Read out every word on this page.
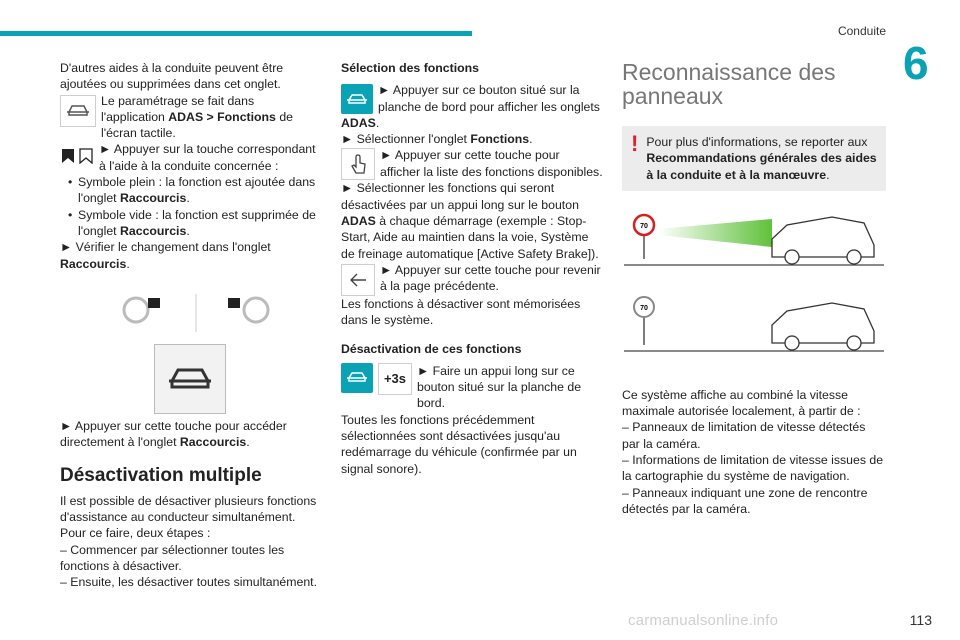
Conduite
6

D'autres aides à la conduite peuvent être ajoutées ou supprimées dans cet onglet.

Le paramétrage se fait dans l'application ADAS > Fonctions de l'écran tactile.

► Appuyer sur la touche correspondant à l'aide à la conduite concernée :

• Symbole plein : la fonction est ajoutée dans l'onglet Raccourcis.
• Symbole vide : la fonction est supprimée de l'onglet Raccourcis.

► Vérifier le changement dans l'onglet Raccourcis.

► Appuyer sur cette touche pour accéder directement à l'onglet Raccourcis.

Désactivation multiple

Il est possible de désactiver plusieurs fonctions d'assistance au conducteur simultanément.

Pour ce faire, deux étapes :

– Commencer par sélectionner toutes les fonctions à désactiver.

– Ensuite, les désactiver toutes simultanément.

Sélection des fonctions

► Appuyer sur ce bouton situé sur la planche de bord pour afficher les onglets

ADAS.

► Sélectionner l'onglet Fonctions.

► Appuyer sur cette touche pour afficher la liste des fonctions disponibles.

► Sélectionner les fonctions qui seront désactivées par un appui long sur le bouton ADAS à chaque démarrage (exemple : Stop-Start, Aide au maintien dans la voie, Système de freinage automatique [Active Safety Brake]).

► Appuyer sur cette touche pour revenir à la page précédente.

Les fonctions à désactiver sont mémorisées dans le système.

Désactivation de ces fonctions
+3s ► Faire un appui long sur ce bouton situé sur la planche de bord.

Toutes les fonctions précédemment sélectionnées sont désactivées jusqu'au redémarrage du véhicule (confirmée par un signal sonore).

Reconnaissance des panneaux
! Pour plus d'informations, se reporter aux Recommandations générales des aides à la conduite et à la manœuvre.

70
70

Ce système affiche au combiné la vitesse maximale autorisée localement, à partir de :

– Panneaux de limitation de vitesse détectés par la caméra.

– Informations de limitation de vitesse issues de la cartographie du système de navigation.

– Panneaux indiquant une zone de rencontre détectés par la caméra.

carmanualsonline.info	113
